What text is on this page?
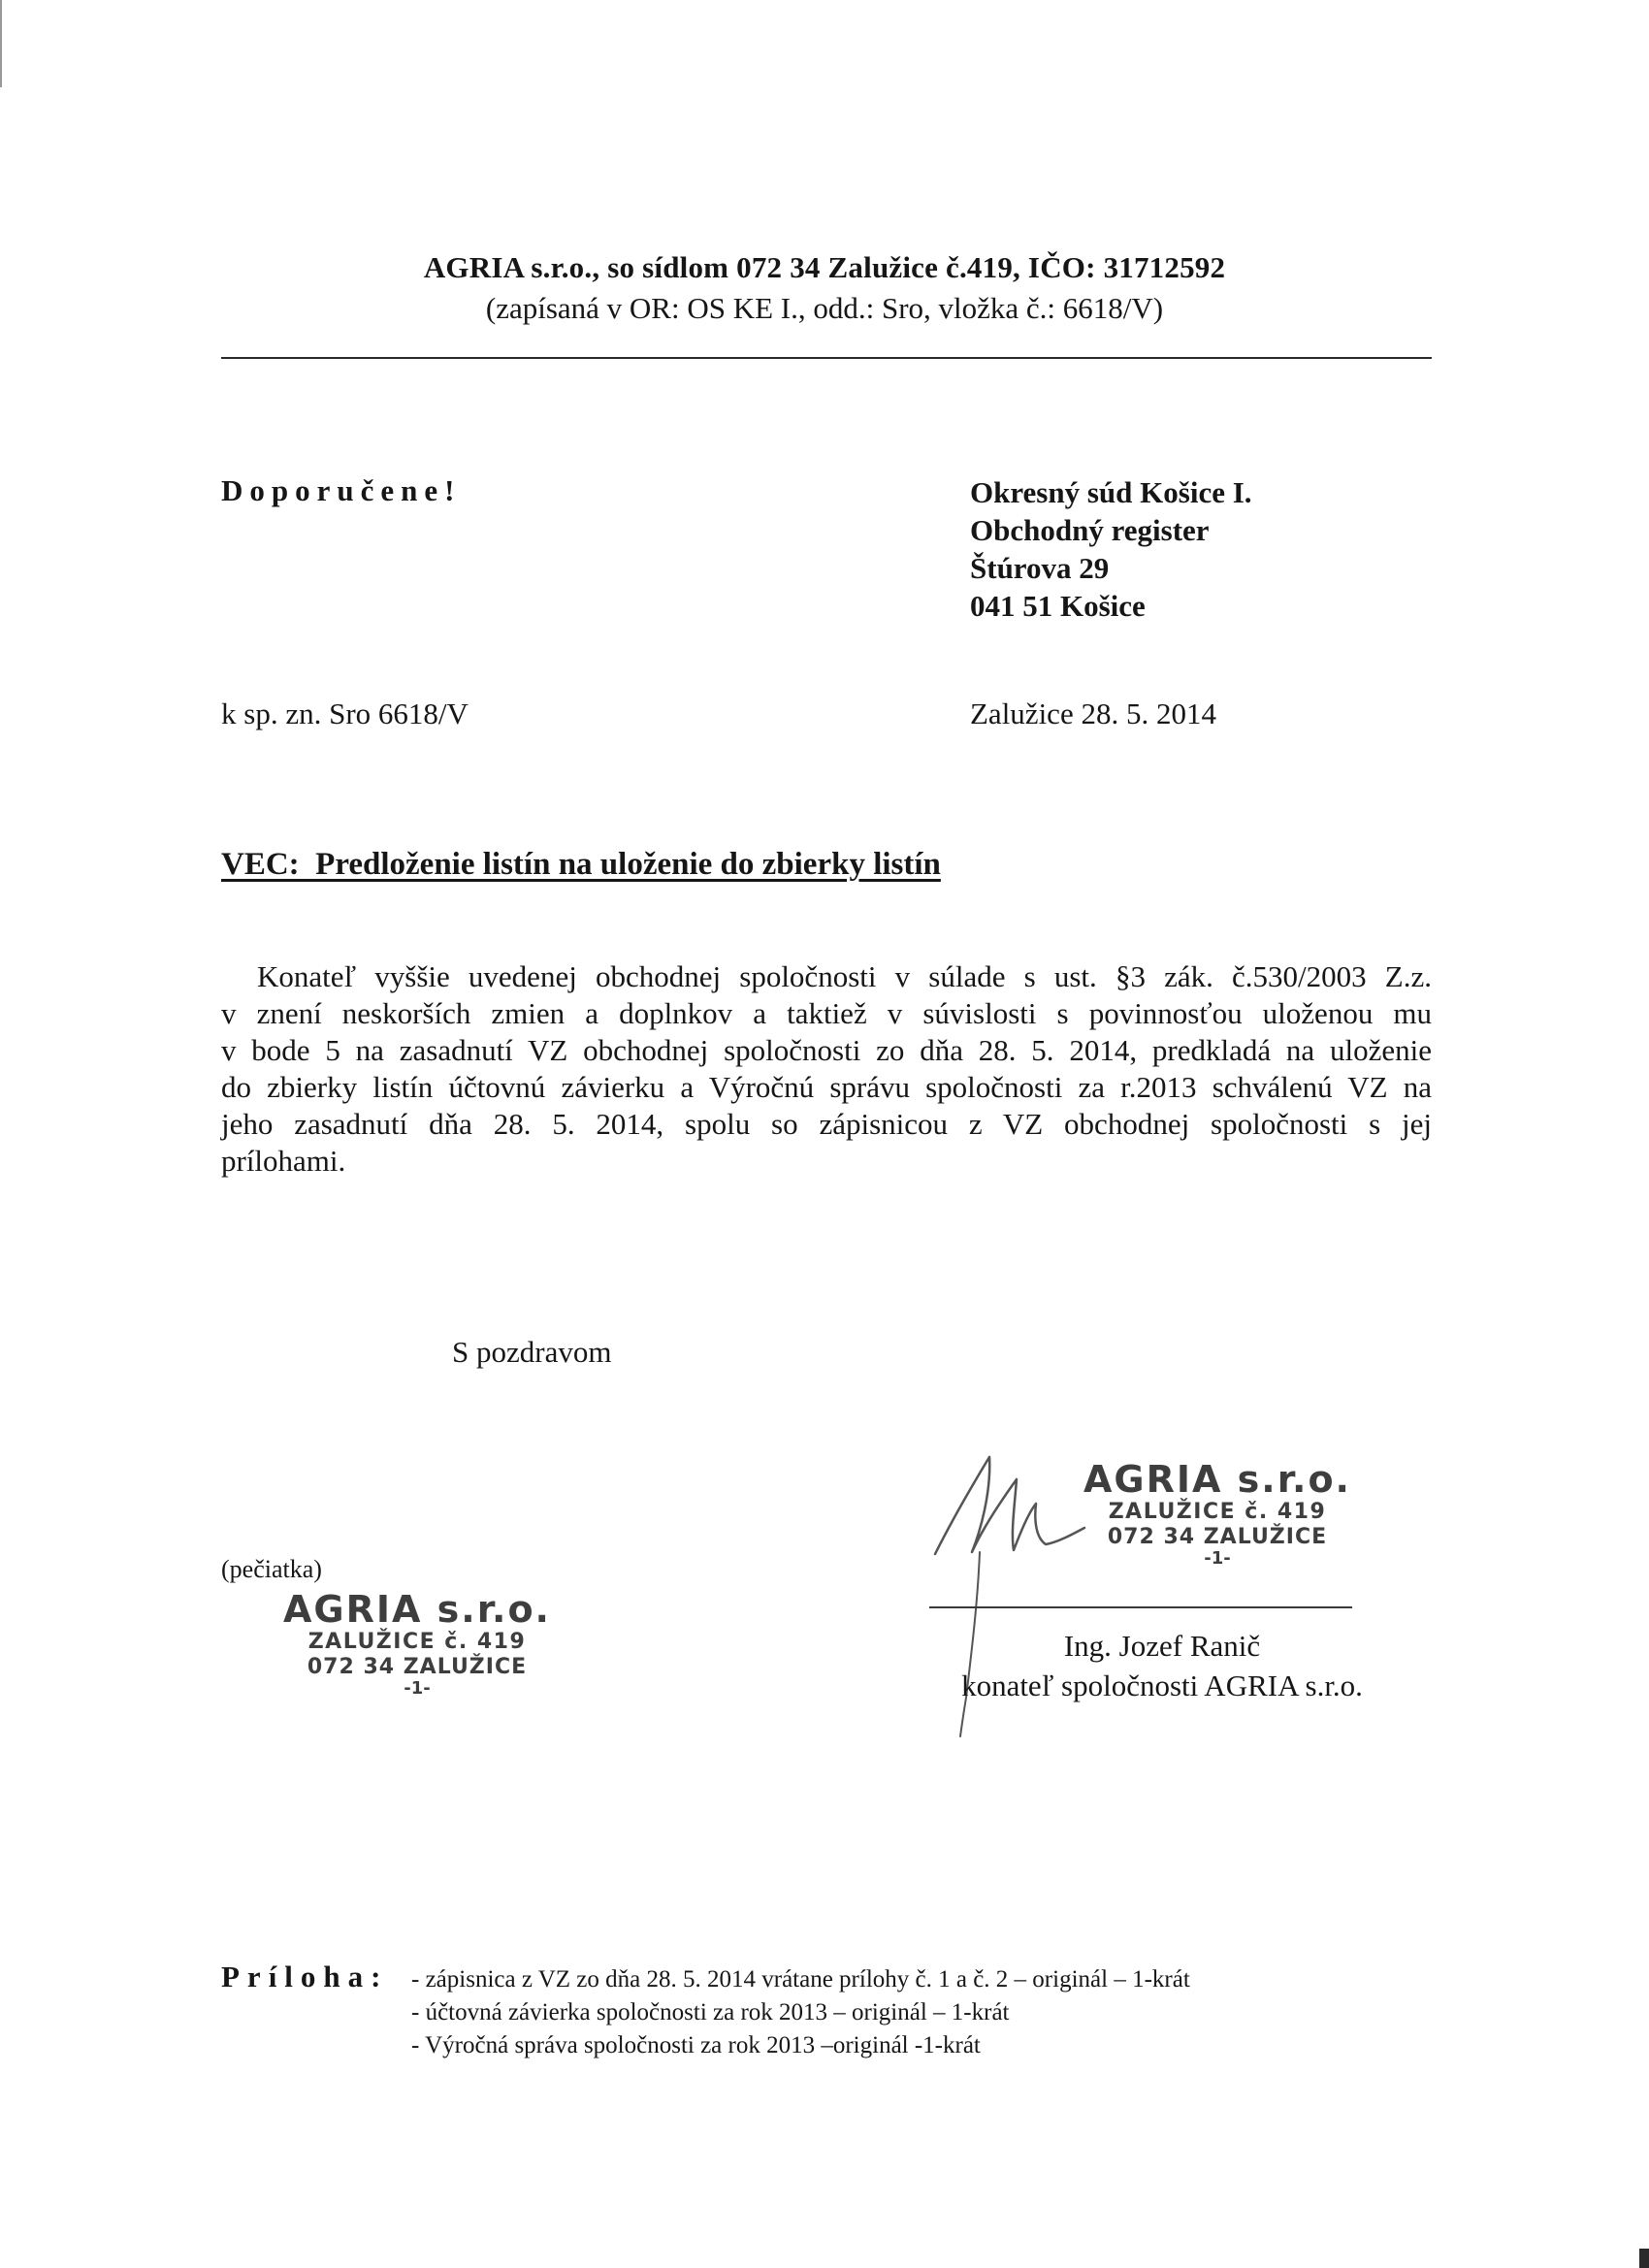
AGRIA s.r.o., so sídlom 072 34 Zalužice č.419, IČO: 31712592
(zapísaná v OR: OS KE I., odd.: Sro, vložka č.: 6618/V)
Doporučene!	Okresný súd Košice I.
Obchodný register
Štúrova 29
041 51 Košice
k sp. zn. Sro 6618/V	Zalužice 28. 5. 2014
VEC:  Predloženie listín na uloženie do zbierky listín
Konateľ vyššie uvedenej obchodnej spoločnosti v súlade s ust. §3 zák. č.530/2003 Z.z.
v znení neskorších zmien a doplnkov a taktiež v súvislosti s povinnosťou uloženou mu
v bode 5 na zasadnutí VZ obchodnej spoločnosti zo dňa 28. 5. 2014, predkladá na uloženie
do zbierky listín účtovnú závierku a Výročnú správu spoločnosti za r.2013 schválenú VZ na
jeho zasadnutí dňa 28. 5. 2014, spolu so zápisnicou z VZ obchodnej spoločnosti s jej
prílohami.
S pozdravom
(pečiatka)
AGRIA s.r.o.
ZALUŽICE č. 419
072 34 ZALUŽICE
-1-
AGRIA s.r.o.
ZALUŽICE č. 419
072 34 ZALUŽICE
-1-
Ing. Jozef Ranič
konateľ spoločnosti AGRIA s.r.o.
Príloha: - zápisnica z VZ zo dňa 28. 5. 2014 vrátane prílohy č. 1 a č. 2 – originál – 1-krát
- účtovná závierka spoločnosti za rok 2013 – originál – 1-krát
- Výročná správa spoločnosti za rok 2013 –originál -1-krát
